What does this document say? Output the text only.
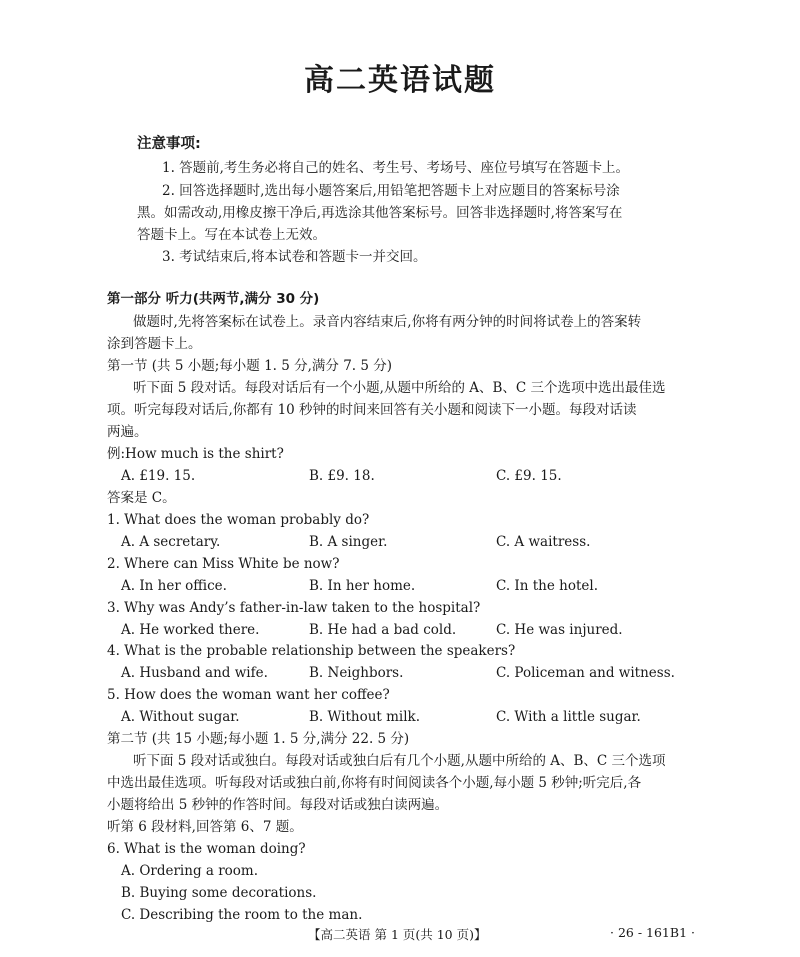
高二英语试题
注意事项:
1. 答题前,考生务必将自己的姓名、考生号、考场号、座位号填写在答题卡上。
2. 回答选择题时,选出每小题答案后,用铅笔把答题卡上对应题目的答案标号涂
黑。如需改动,用橡皮擦干净后,再选涂其他答案标号。回答非选择题时,将答案写在
答题卡上。写在本试卷上无效。
3. 考试结束后,将本试卷和答题卡一并交回。
第一部分 听力(共两节,满分 30 分)
做题时,先将答案标在试卷上。录音内容结束后,你将有两分钟的时间将试卷上的答案转
涂到答题卡上。
第一节 (共 5 小题;每小题 1. 5 分,满分 7. 5 分)
听下面 5 段对话。每段对话后有一个小题,从题中所给的 A、B、C 三个选项中选出最佳选
项。听完每段对话后,你都有 10 秒钟的时间来回答有关小题和阅读下一小题。每段对话读
两遍。
例:How much is the shirt?
A. £19. 15.	B. £9. 18.	C. £9. 15.
答案是 C。
1. What does the woman probably do?
A. A secretary.	B. A singer.	C. A waitress.
2. Where can Miss White be now?
A. In her office.	B. In her home.	C. In the hotel.
3. Why was Andy’s father-in-law taken to the hospital?
A. He worked there.	B. He had a bad cold.	C. He was injured.
4. What is the probable relationship between the speakers?
A. Husband and wife.	B. Neighbors.	C. Policeman and witness.
5. How does the woman want her coffee?
A. Without sugar.	B. Without milk.	C. With a little sugar.
第二节 (共 15 小题;每小题 1. 5 分,满分 22. 5 分)
听下面 5 段对话或独白。每段对话或独白后有几个小题,从题中所给的 A、B、C 三个选项
中选出最佳选项。听每段对话或独白前,你将有时间阅读各个小题,每小题 5 秒钟;听完后,各
小题将给出 5 秒钟的作答时间。每段对话或独白读两遍。
听第 6 段材料,回答第 6、7 题。
6. What is the woman doing?
A. Ordering a room.
B. Buying some decorations.
C. Describing the room to the man.
【高二英语 第 1 页(共 10 页)】	· 26 - 161B1 ·
